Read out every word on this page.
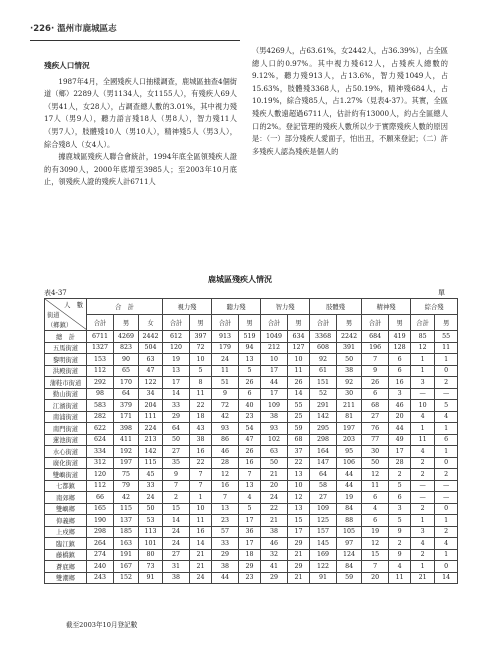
·226· 溫州市鹿城區志
殘疾人口情況

1987年4月，全國殘疾人口抽樣調查，鹿城區抽查4個街道（鄉）2289人（男1134人，女1155人），有殘疾人69人（男41人，女28人），占調查總人數的3.01%，其中視力殘17人（男9人），聽力語言殘18人（男8人），智力殘11人（男7人），肢體殘10人（男10人），精神殘5人（男3人），綜合殘8人（女4人）。

據鹿城區殘疾人聯合會統計，1994年底全區領殘疾人證的有3090人，2000年底增至3985人；至2003年10月底止，領殘疾人證的殘疾人計6711人

（男4269人，占63.61%，女2442人，占36.39%），占全區總人口的0.97%。其中視力殘612人，占殘疾人總數的9.12%，聽力殘913人，占13.6%，智力殘1049人，占15.63%，肢體殘3368人，占50.19%，精神殘684人，占10.19%，綜合殘85人，占1.27%（見表4-37）。其實，全區殘疾人數遠超過6711人，估計約有13000人，約占全區總人口的2%。登記管理的殘疾人數所以少于實際殘疾人數的原因是：（一）部分殘疾人愛面子，怕出丑，不願來登記；（二）許多殘疾人認為殘疾是個人的

鹿城區殘疾人情況
表4-37	單
人　數
街道
（鄉鎮）	合　計			視力殘		聽力殘		智力殘		肢體殘		精神殘		綜合殘	
	合計	男	女	合計	男	合計	男	合計	男	合計	男	合計	男	合計	男
總　計	6711	4269	2442	612	397	913	519	1049	634	3368	2242	684	419	85	55
五馬街道	1327	823	504	120	72	179	94	212	127	608	391	196	128	12	11
黎明街道	153	90	63	19	10	24	13	10	10	92	50	7	6	1	1
洪殿街道	112	65	47	13	5	11	5	17	11	61	38	9	6	1	0
蒲鞋市街道	292	170	122	17	8	51	26	44	26	151	92	26	16	3	2
勤山街道	98	64	34	14	11	9	6	17	14	52	30	6	3	—	—
江濱街道	583	379	204	33	22	72	40	109	55	291	211	68	46	10	5
南浦街道	282	171	111	29	18	42	23	38	25	142	81	27	20	4	4
南門街道	622	398	224	64	43	93	54	93	59	295	197	76	44	1	1
蓮池街道	624	411	213	50	38	86	47	102	68	298	203	77	49	11	6
水心街道	334	192	142	27	16	46	26	63	37	164	95	30	17	4	1
廣化街道	312	197	115	35	22	28	16	50	22	147	106	50	28	2	0
雙嶼街道	120	75	45	9	7	12	7	21	13	64	44	12	2	2	2
七都鎮	112	79	33	7	7	16	13	20	10	58	44	11	5	—	—
南郊鄉	66	42	24	2	1	7	4	24	12	27	19	6	6	—	—
雙嶼鄉	165	115	50	15	10	13	5	22	13	109	84	4	3	2	0
仰義鄉	190	137	53	14	11	23	17	21	15	125	88	6	5	1	1
上戍鄉	298	185	113	24	16	57	36	38	17	157	105	19	9	3	2
臨江鎮	264	163	101	24	14	33	17	46	29	145	97	12	2	4	4
藤橋鎮	274	191	80	27	21	29	18	32	21	169	124	15	9	2	1
蒼底鄉	240	167	73	31	21	38	29	41	29	122	84	7	4	1	0
雙潮鄉	243	152	91	38	24	44	23	29	21	91	59	20	11	21	14
截至2003年10月登記數
